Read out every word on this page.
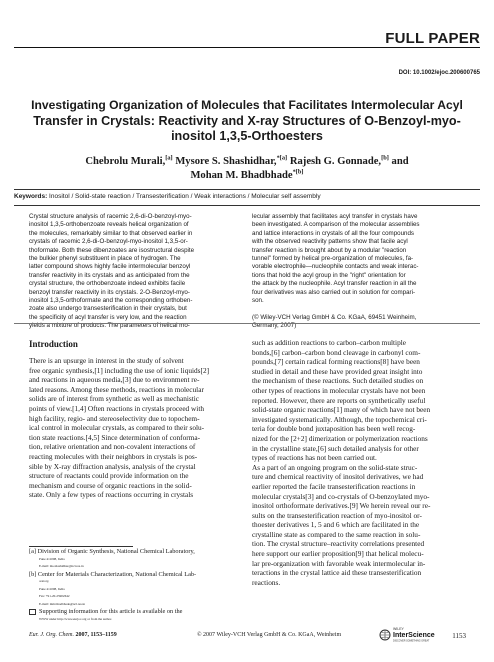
FULL PAPER
DOI: 10.1002/ejoc.200600765
Investigating Organization of Molecules that Facilitates Intermolecular Acyl
Transfer in Crystals: Reactivity and X-ray Structures of O-Benzoyl-myo-
inositol 1,3,5-Orthoesters
Chebrolu Murali,[a] Mysore S. Shashidhar,$^{*[a]}$ Rajesh G. Gonnade,[b] and
Mohan M. Bhadbhade$^{*[b]}$
Keywords: Inositol / Solid-state reaction / Transesterification / Weak interactions / Molecular self assembly
Crystal structure analysis of racemic 2,6-di-O-benzoyl-myo-
inositol 1,3,5-orthobenzoate reveals helical organization of
the molecules, remarkably similar to that observed earlier in
crystals of racemic 2,6-di-O-benzoyl-myo-inositol 1,3,5-or-
thoformate. Both these dibenzoates are isostructural despite
the bulkier phenyl substituent in place of hydrogen. The
latter compound shows highly facile intermolecular benzoyl
transfer reactivity in its crystals and as anticipated from the
crystal structure, the orthobenzoate indeed exhibits facile
benzoyl transfer reactivity in its crystals. 2-O-Benzoyl-myo-
inositol 1,3,5-orthoformate and the corresponding orthoben-
zoate also undergo transesterification in their crystals, but
the specificity of acyl transfer is very low, and the reaction
yields a mixture of products. The parameters of helical mo-
lecular assembly that facilitates acyl transfer in crystals have
been investigated. A comparison of the molecular assemblies
and lattice interactions in crystals of all the four compounds
with the observed reactivity patterns show that facile acyl
transfer reaction is brought about by a modular "reaction
tunnel" formed by helical pre-organization of molecules, fa-
vorable electrophile—nucleophile contacts and weak interac-
tions that hold the acyl group in the "right" orientation for
the attack by the nucleophile. Acyl transfer reaction in all the
four derivatives was also carried out in solution for compari-
son.
(© Wiley-VCH Verlag GmbH & Co. KGaA, 69451 Weinheim,
Germany, 2007)
Introduction
There is an upsurge in interest in the study of solvent
free organic synthesis,[1] including the use of ionic liquids[2]
and reactions in aqueous media,[3] due to environment re-
lated reasons. Among these methods, reactions in molecular
solids are of interest from synthetic as well as mechanistic
points of view.[1,4] Often reactions in crystals proceed with
high facility, regio- and stereoselectivity due to topochem-
ical control in molecular crystals, as compared to their solu-
tion state reactions.[4,5] Since determination of conforma-
tion, relative orientation and non-covalent interactions of
reacting molecules with their neighbors in crystals is pos-
sible by X-ray diffraction analysis, analysis of the crystal
structure of reactants could provide information on the
mechanism and course of organic reactions in the solid-
state. Only a few types of reactions occurring in crystals
such as addition reactions to carbon–carbon multiple
bonds,[6] carbon–carbon bond cleavage in carbonyl com-
pounds,[7] certain radical forming reactions[8] have been
studied in detail and these have provided great insight into
the mechanism of these reactions. Such detailed studies on
other types of reactions in molecular crystals have not been
reported. However, there are reports on synthetically useful
solid-state organic reactions[1] many of which have not been
investigated systematically. Although, the topochemical cri-
teria for double bond juxtaposition has been well recog-
nized for the [2+2] dimerization or polymerization reactions
in the crystalline state,[6] such detailed analysis for other
types of reactions has not been carried out.
As a part of an ongoing program on the solid-state struc-
ture and chemical reactivity of inositol derivatives, we had
earlier reported the facile transesterification reactions in
molecular crystals[3] and co-crystals of O-benzoylated myo-
inositol orthoformate derivatives.[9] We herein reveal our re-
sults on the transesterification reaction of myo-inositol or-
thoester derivatives 1, 5 and 6 which are facilitated in the
crystalline state as compared to the same reaction in solu-
tion. The crystal structure–reactivity correlations presented
here support our earlier proposition[9] that helical molecu-
lar pre-organization with favorable weak intermolecular in-
teractions in the crystal lattice aid these transesterification
reactions.
[a] Division of Organic Synthesis, National Chemical Laboratory,
Pune 411008, India
E-mail: ms.shashidhar@ncl.res.in
[b] Center for Materials Characterization, National Chemical Lab-
oratory,
Pune 411008, India
Fax: +91-20-25902642
E-mail: mm.bhadbhade@ncl.res.in
Supporting information for this article is available on the
WWW under http://www.eurjoc.org or from the author.
Eur. J. Org. Chem. 2007, 1153–1159	© 2007 Wiley-VCH Verlag GmbH & Co. KGaA, Weinheim
WILEY
InterScience
DISCOVER SOMETHING GREAT
1153
